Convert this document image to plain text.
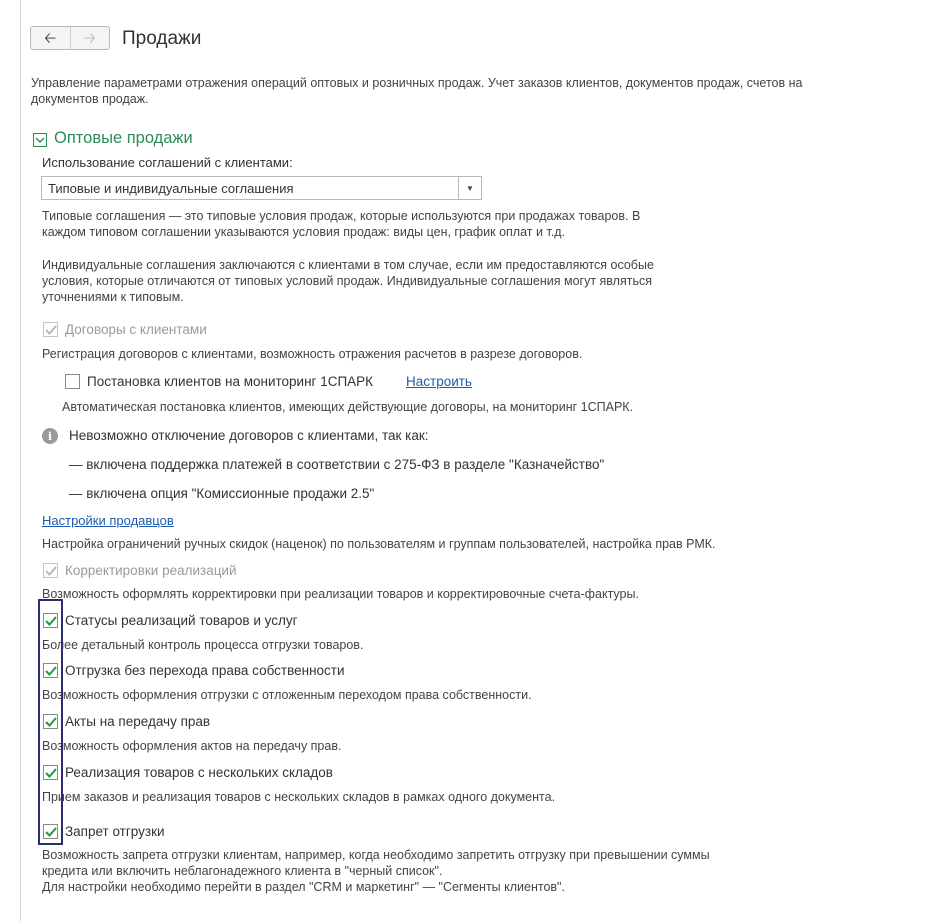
🡠 🡢 Продажи
Управление параметрами отражения операций оптовых и розничных продаж. Учет заказов клиентов, документов продаж, счетов на
документов продаж.
Оптовые продажи
Использование соглашений с клиентами:
Типовые и индивидуальные соглашения	▼
Типовые соглашения — это типовые условия продаж, которые используются при продажах товаров. В
каждом типовом соглашении указываются условия продаж: виды цен, график оплат и т.д.
Индивидуальные соглашения заключаются с клиентами в том случае, если им предоставляются особые
условия, которые отличаются от типовых условий продаж. Индивидуальные соглашения могут являться
уточнениями к типовым.
Договоры с клиентами
Регистрация договоров с клиентами, возможность отражения расчетов в разрезе договоров.
Постановка клиентов на мониторинг 1СПАРК Настроить
Автоматическая постановка клиентов, имеющих действующие договоры, на мониторинг 1СПАРК.
i	Невозможно отключение договоров с клиентами, так как:
— включена поддержка платежей в соответствии с 275-ФЗ в разделе "Казначейство"
— включена опция "Комиссионные продажи 2.5"
Настройки продавцов
Настройка ограничений ручных скидок (наценок) по пользователям и группам пользователей, настройка прав РМК.
Корректировки реализаций
Возможность оформлять корректировки при реализации товаров и корректировочные счета-фактуры.
Статусы реализаций товаров и услуг
Более детальный контроль процесса отгрузки товаров.
Отгрузка без перехода права собственности
Возможность оформления отгрузки с отложенным переходом права собственности.
Акты на передачу прав
Возможность оформления актов на передачу прав.
Реализация товаров с нескольких складов
Прием заказов и реализация товаров с нескольких складов в рамках одного документа.
Запрет отгрузки
Возможность запрета отгрузки клиентам, например, когда необходимо запретить отгрузку при превышении суммы
кредита или включить неблагонадежного клиента в "черный список".
Для настройки необходимо перейти в раздел "CRM и маркетинг" — "Сегменты клиентов".
